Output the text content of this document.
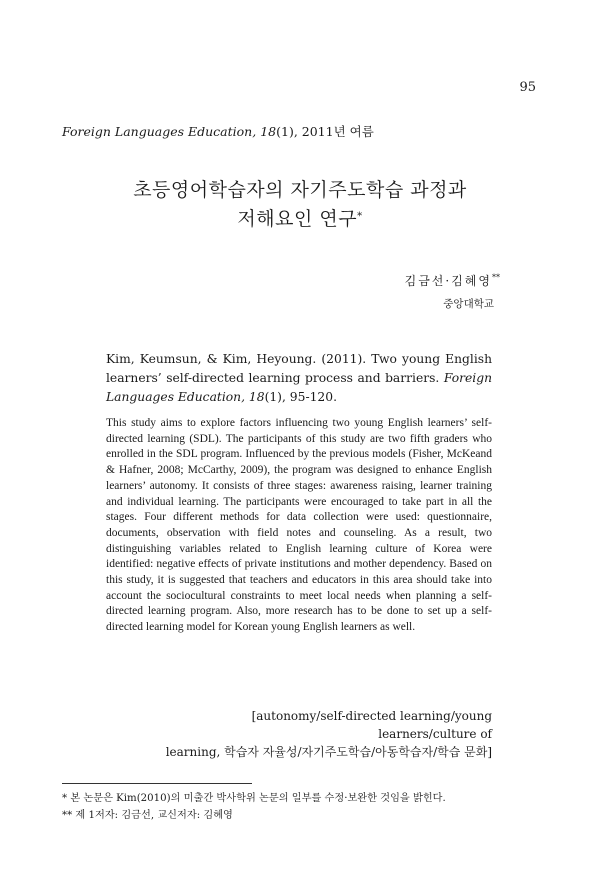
95
Foreign Languages Education, 18(1), 2011년 여름
초등영어학습자의 자기주도학습 과정과
저해요인 연구*
김금선·김혜영**
중앙대학교
Kim, Keumsun, & Kim, Heyoung. (2011). Two young English learners’ self-directed learning process and barriers. Foreign Languages Education, 18(1), 95-120.
This study aims to explore factors influencing two young English learners’ self-directed learning (SDL). The participants of this study are two fifth graders who enrolled in the SDL program. Influenced by the previous models (Fisher, McKeand & Hafner, 2008; McCarthy, 2009), the program was designed to enhance English learners’ autonomy. It consists of three stages: awareness raising, learner training and individual learning. The participants were encouraged to take part in all the stages. Four different methods for data collection were used: questionnaire, documents, observation with field notes and counseling. As a result, two distinguishing variables related to English learning culture of Korea were identified: negative effects of private institutions and mother dependency. Based on this study, it is suggested that teachers and educators in this area should take into account the sociocultural constraints to meet local needs when planning a self-directed learning program. Also, more research has to be done to set up a self-directed learning model for Korean young English learners as well.
[autonomy/self-directed learning/young learners/culture of
learning, 학습자 자율성/자기주도학습/아동학습자/학습 문화]
* 본 논문은 Kim(2010)의 미출간 박사학위 논문의 일부를 수정·보완한 것임을 밝힌다.
** 제 1저자: 김금선, 교신저자: 김혜영
